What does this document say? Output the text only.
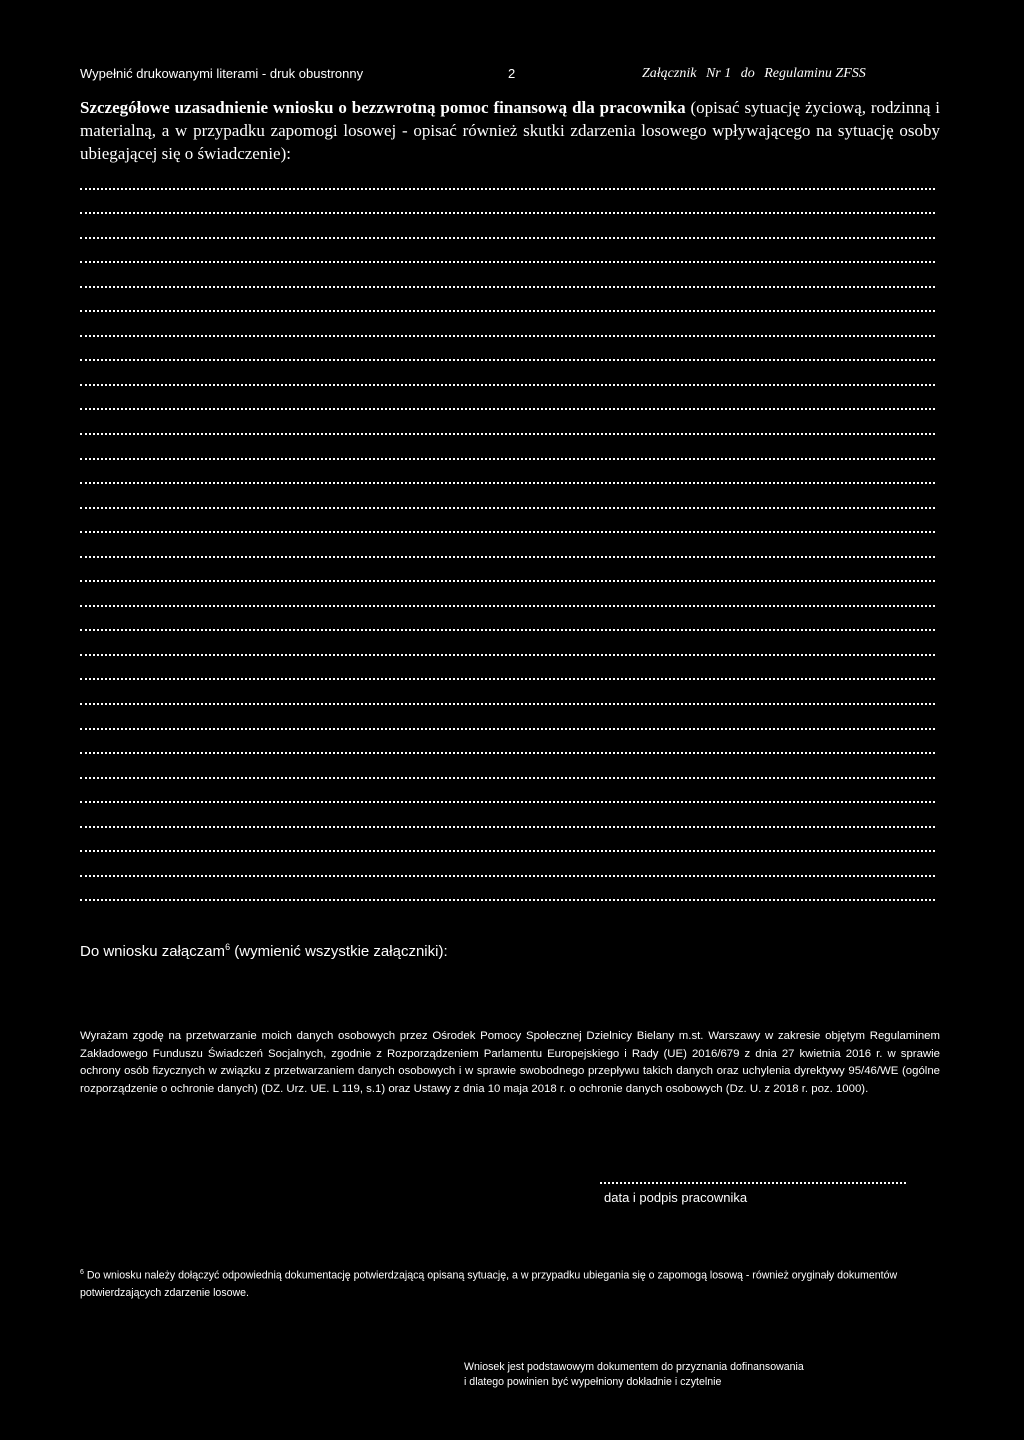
Wypełnić drukowanymi literami - druk obustronny	2	Załącznik Nr 1 do Regulaminu ZFSS

Szczegółowe uzasadnienie wniosku o bezzwrotną pomoc finansową dla pracownika (opisać sytuację życiową, rodzinną i materialną, a w przypadku zapomogi losowej - opisać również skutki zdarzenia losowego wpływającego na sytuację osoby ubiegającej się o świadczenie):

Do wniosku załączam$^6$ (wymienić wszystkie załączniki):

Wyrażam zgodę na przetwarzanie moich danych osobowych przez Ośrodek Pomocy Społecznej Dzielnicy Bielany m.st. Warszawy w zakresie objętym Regulaminem Zakładowego Funduszu Świadczeń Socjalnych, zgodnie z Rozporządzeniem Parlamentu Europejskiego i Rady (UE) 2016/679 z dnia 27 kwietnia 2016 r. w sprawie ochrony osób fizycznych w związku z przetwarzaniem danych osobowych i w sprawie swobodnego przepływu takich danych oraz uchylenia dyrektywy 95/46/WE (ogólne rozporządzenie o ochronie danych) (DZ. Urz. UE. L 119, s.1) oraz Ustawy z dnia 10 maja 2018 r. o ochronie danych osobowych (Dz. U. z 2018 r. poz. 1000).

data i podpis pracownika

$^6$ Do wniosku należy dołączyć odpowiednią dokumentację potwierdzającą opisaną sytuację, a w przypadku ubiegania się o zapomogą losową - również oryginały dokumentów potwierdzających zdarzenie losowe.

Wniosek jest podstawowym dokumentem do przyznania dofinansowania
i dlatego powinien być wypełniony dokładnie i czytelnie
